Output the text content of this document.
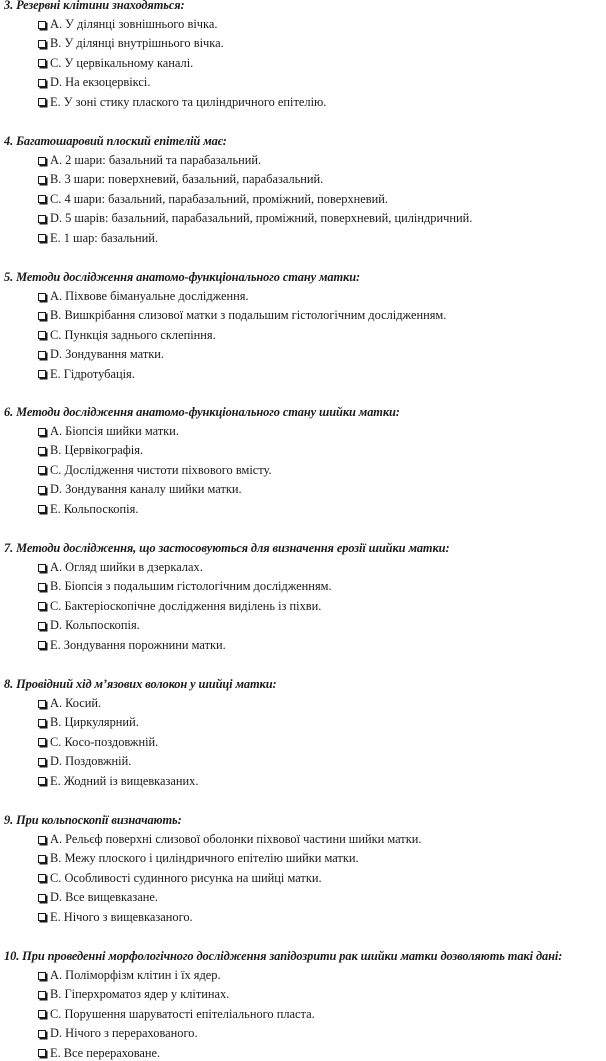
3. Резервні клітини знаходяться:
A. У ділянці зовнішнього вічка.
B. У ділянці внутрішнього вічка.
C. У цервікальному каналі.
D. На екзоцервіксі.
E. У зоні стику плаского та циліндричного епітелію.
4. Багатошаровий плоский епітелій має:
A. 2 шари: базальний та парабазальний.
B. 3 шари: поверхневий, базальний, парабазальний.
C. 4 шари: базальний, парабазальний, проміжний, поверхневий.
D. 5 шарів: базальний, парабазальний, проміжний, поверхневий, циліндричний.
E. 1 шар: базальний.
5. Методи дослідження анатомо-функціонального стану матки:
A. Піхвове бімануальне дослідження.
B. Вишкрібання слизової матки з подальшим гістологічним дослідженням.
C. Пункція заднього склепіння.
D. Зондування матки.
E. Гідротубація.
6. Методи дослідження анатомо-функціонального стану шийки матки:
A. Біопсія шийки матки.
B. Цервікографія.
C. Дослідження чистоти піхвового вмісту.
D. Зондування каналу шийки матки.
E. Кольпоскопія.
7. Методи дослідження, що застосовуються для визначення ерозії шийки матки:
A. Огляд шийки в дзеркалах.
B. Біопсія з подальшим гістологічним дослідженням.
C. Бактеріоскопічне дослідження виділень із піхви.
D. Кольпоскопія.
E. Зондування порожнини матки.
8. Провідний хід м’язових волокон у шийці матки:
A. Косий.
B. Циркулярний.
C. Косо-поздовжній.
D. Поздовжній.
E. Жодний із вищевказаних.
9. При кольпоскопії визначають:
A. Рельєф поверхні слизової оболонки піхвової частини шийки матки.
B. Межу плоского і циліндричного епітелію шийки матки.
C. Особливості судинного рисунка на шийці матки.
D. Все вищевказане.
E. Нічого з вищевказаного.
10. При проведенні морфологічного дослідження запідозрити рак шийки матки дозволяють такі дані:
A. Поліморфізм клітин і їх ядер.
B. Гіперхроматоз ядер у клітинах.
C. Порушення шаруватості епітеліального пласта.
D. Нічого з перерахованого.
E. Все перераховане.
